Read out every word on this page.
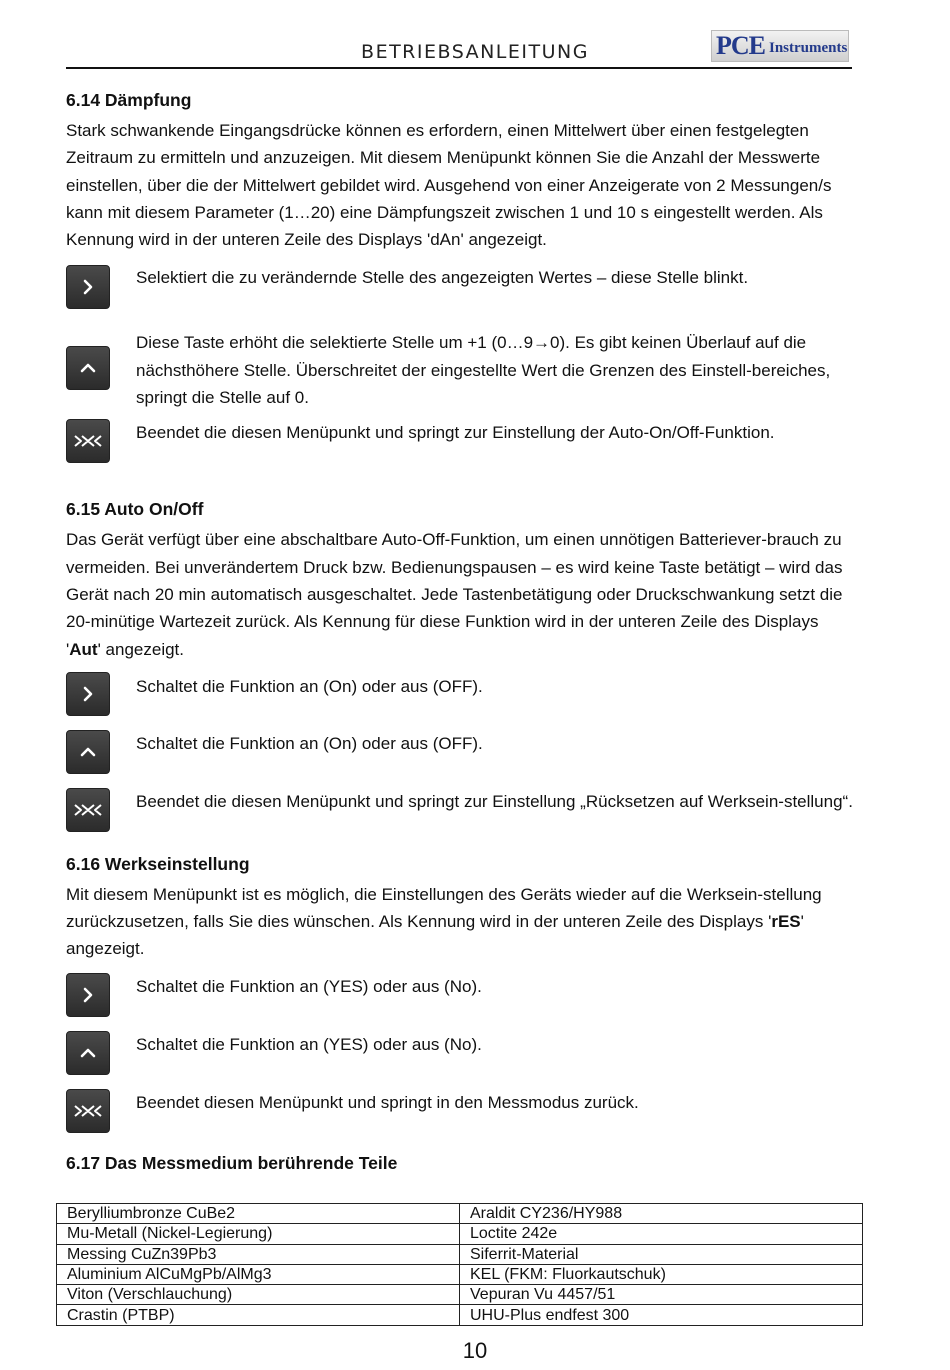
BETRIEBSANLEITUNG	PCE Instruments
6.14 Dämpfung

Stark schwankende Eingangsdrücke können es erfordern, einen Mittelwert über einen festgelegten Zeitraum zu ermitteln und anzuzeigen. Mit diesem Menüpunkt können Sie die Anzahl der Messwerte einstellen, über die der Mittelwert gebildet wird. Ausgehend von einer Anzeigerate von 2 Messungen/s kann mit diesem Parameter (1…20) eine Dämpfungszeit zwischen 1 und 10 s eingestellt werden. Als Kennung wird in der unteren Zeile des Displays 'dAn' angezeigt.

Selektiert die zu verändernde Stelle des angezeigten Wertes – diese Stelle blinkt.
Diese Taste erhöht die selektierte Stelle um +1 (0…9→0). Es gibt keinen Überlauf auf die nächsthöhere Stelle. Überschreitet der eingestellte Wert die Grenzen des Einstell-bereiches, springt die Stelle auf 0.
Beendet die diesen Menüpunkt und springt zur Einstellung der Auto-On/Off-Funktion.
6.15 Auto On/Off

Das Gerät verfügt über eine abschaltbare Auto-Off-Funktion, um einen unnötigen Batteriever-brauch zu vermeiden. Bei unverändertem Druck bzw. Bedienungspausen – es wird keine Taste betätigt – wird das Gerät nach 20 min automatisch ausgeschaltet. Jede Tastenbetätigung oder Druckschwankung setzt die 20-minütige Wartezeit zurück. Als Kennung für diese Funktion wird in der unteren Zeile des Displays 'Aut' angezeigt.

Schaltet die Funktion an (On) oder aus (OFF).
Schaltet die Funktion an (On) oder aus (OFF).
Beendet die diesen Menüpunkt und springt zur Einstellung „Rücksetzen auf Werksein-stellung“.
6.16 Werkseinstellung

Mit diesem Menüpunkt ist es möglich, die Einstellungen des Geräts wieder auf die Werksein-stellung zurückzusetzen, falls Sie dies wünschen. Als Kennung wird in der unteren Zeile des Displays 'rES' angezeigt.

Schaltet die Funktion an (YES) oder aus (No).
Schaltet die Funktion an (YES) oder aus (No).
Beendet diesen Menüpunkt und springt in den Messmodus zurück.
6.17 Das Messmedium berührende Teile
Berylliumbronze CuBe2	Araldit CY236/HY988
Mu-Metall (Nickel-Legierung)	Loctite 242e
Messing CuZn39Pb3	Siferrit-Material
Aluminium AlCuMgPb/AlMg3	KEL (FKM: Fluorkautschuk)
Viton (Verschlauchung)	Vepuran Vu 4457/51
Crastin (PTBP)	UHU-Plus endfest 300
10
